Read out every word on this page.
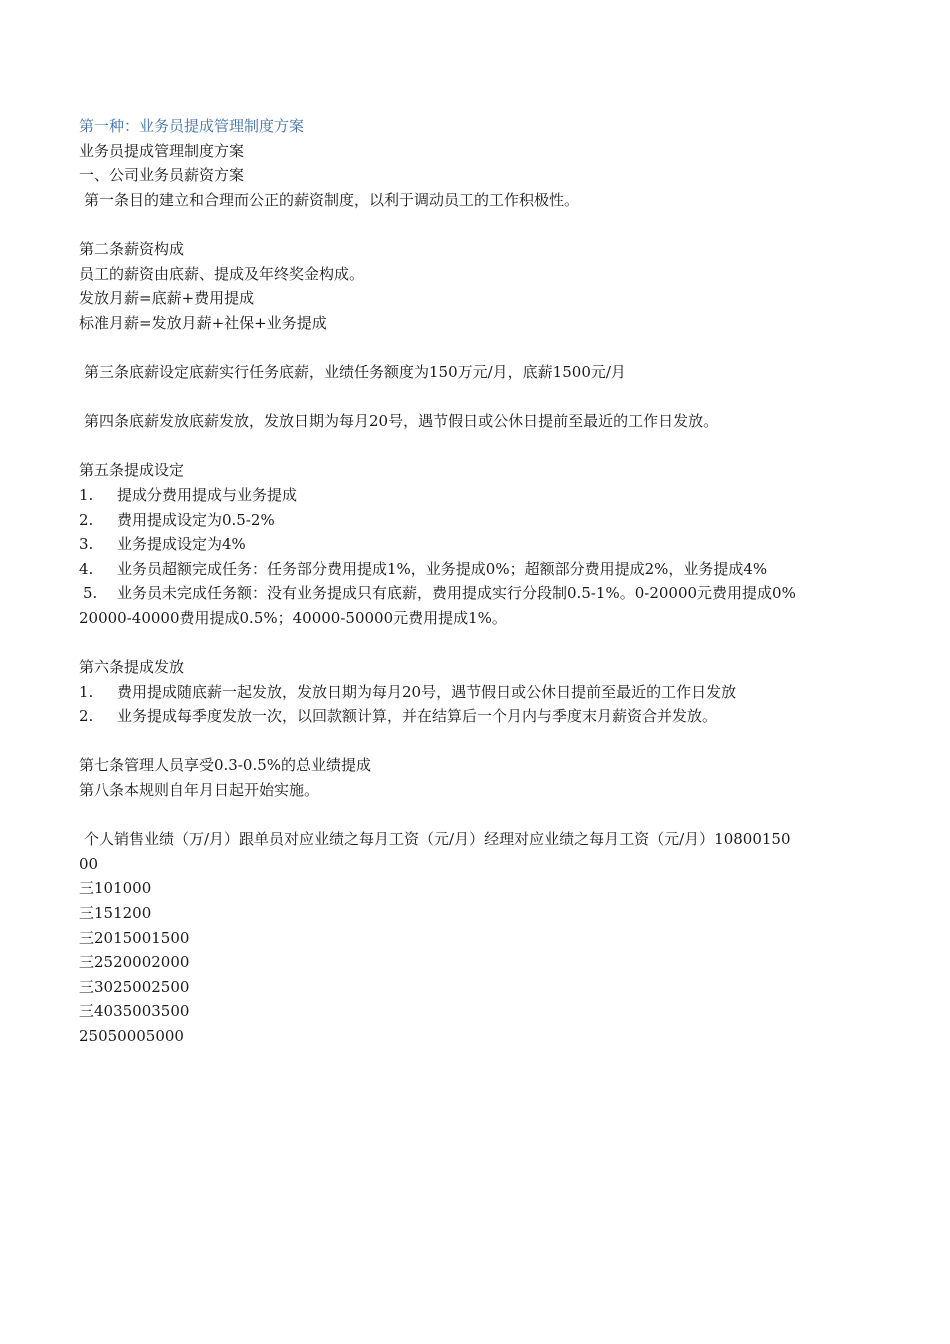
第一种：业务员提成管理制度方案
业务员提成管理制度方案
一、公司业务员薪资方案
第一条目的建立和合理而公正的薪资制度，以利于调动员工的工作积极性。
第二条薪资构成
员工的薪资由底薪、提成及年终奖金构成。
发放月薪=底薪+费用提成
标准月薪=发放月薪+社保+业务提成
第三条底薪设定底薪实行任务底薪，业绩任务额度为150万元/月，底薪1500元/月
第四条底薪发放底薪发放，发放日期为每月20号，遇节假日或公休日提前至最近的工作日发放。
第五条提成设定
1. 提成分费用提成与业务提成
2. 费用提成设定为0.5-2%
3. 业务提成设定为4%
4. 业务员超额完成任务：任务部分费用提成1%，业务提成0%；超额部分费用提成2%，业务提成4%
5. 业务员未完成任务额：没有业务提成只有底薪，费用提成实行分段制0.5-1%。0-20000元费用提成0%
20000-40000费用提成0.5%；40000-50000元费用提成1%。
第六条提成发放
1. 费用提成随底薪一起发放，发放日期为每月20号，遇节假日或公休日提前至最近的工作日发放
2. 业务提成每季度发放一次，以回款额计算，并在结算后一个月内与季度末月薪资合并发放。
第七条管理人员享受0.3-0.5%的总业绩提成
第八条本规则自年月日起开始实施。
个人销售业绩（万/月）跟单员对应业绩之每月工资（元/月）经理对应业绩之每月工资（元/月）10800150
00
三101000
三151200
三2015001500
三2520002000
三3025002500
三4035003500
25050005000
